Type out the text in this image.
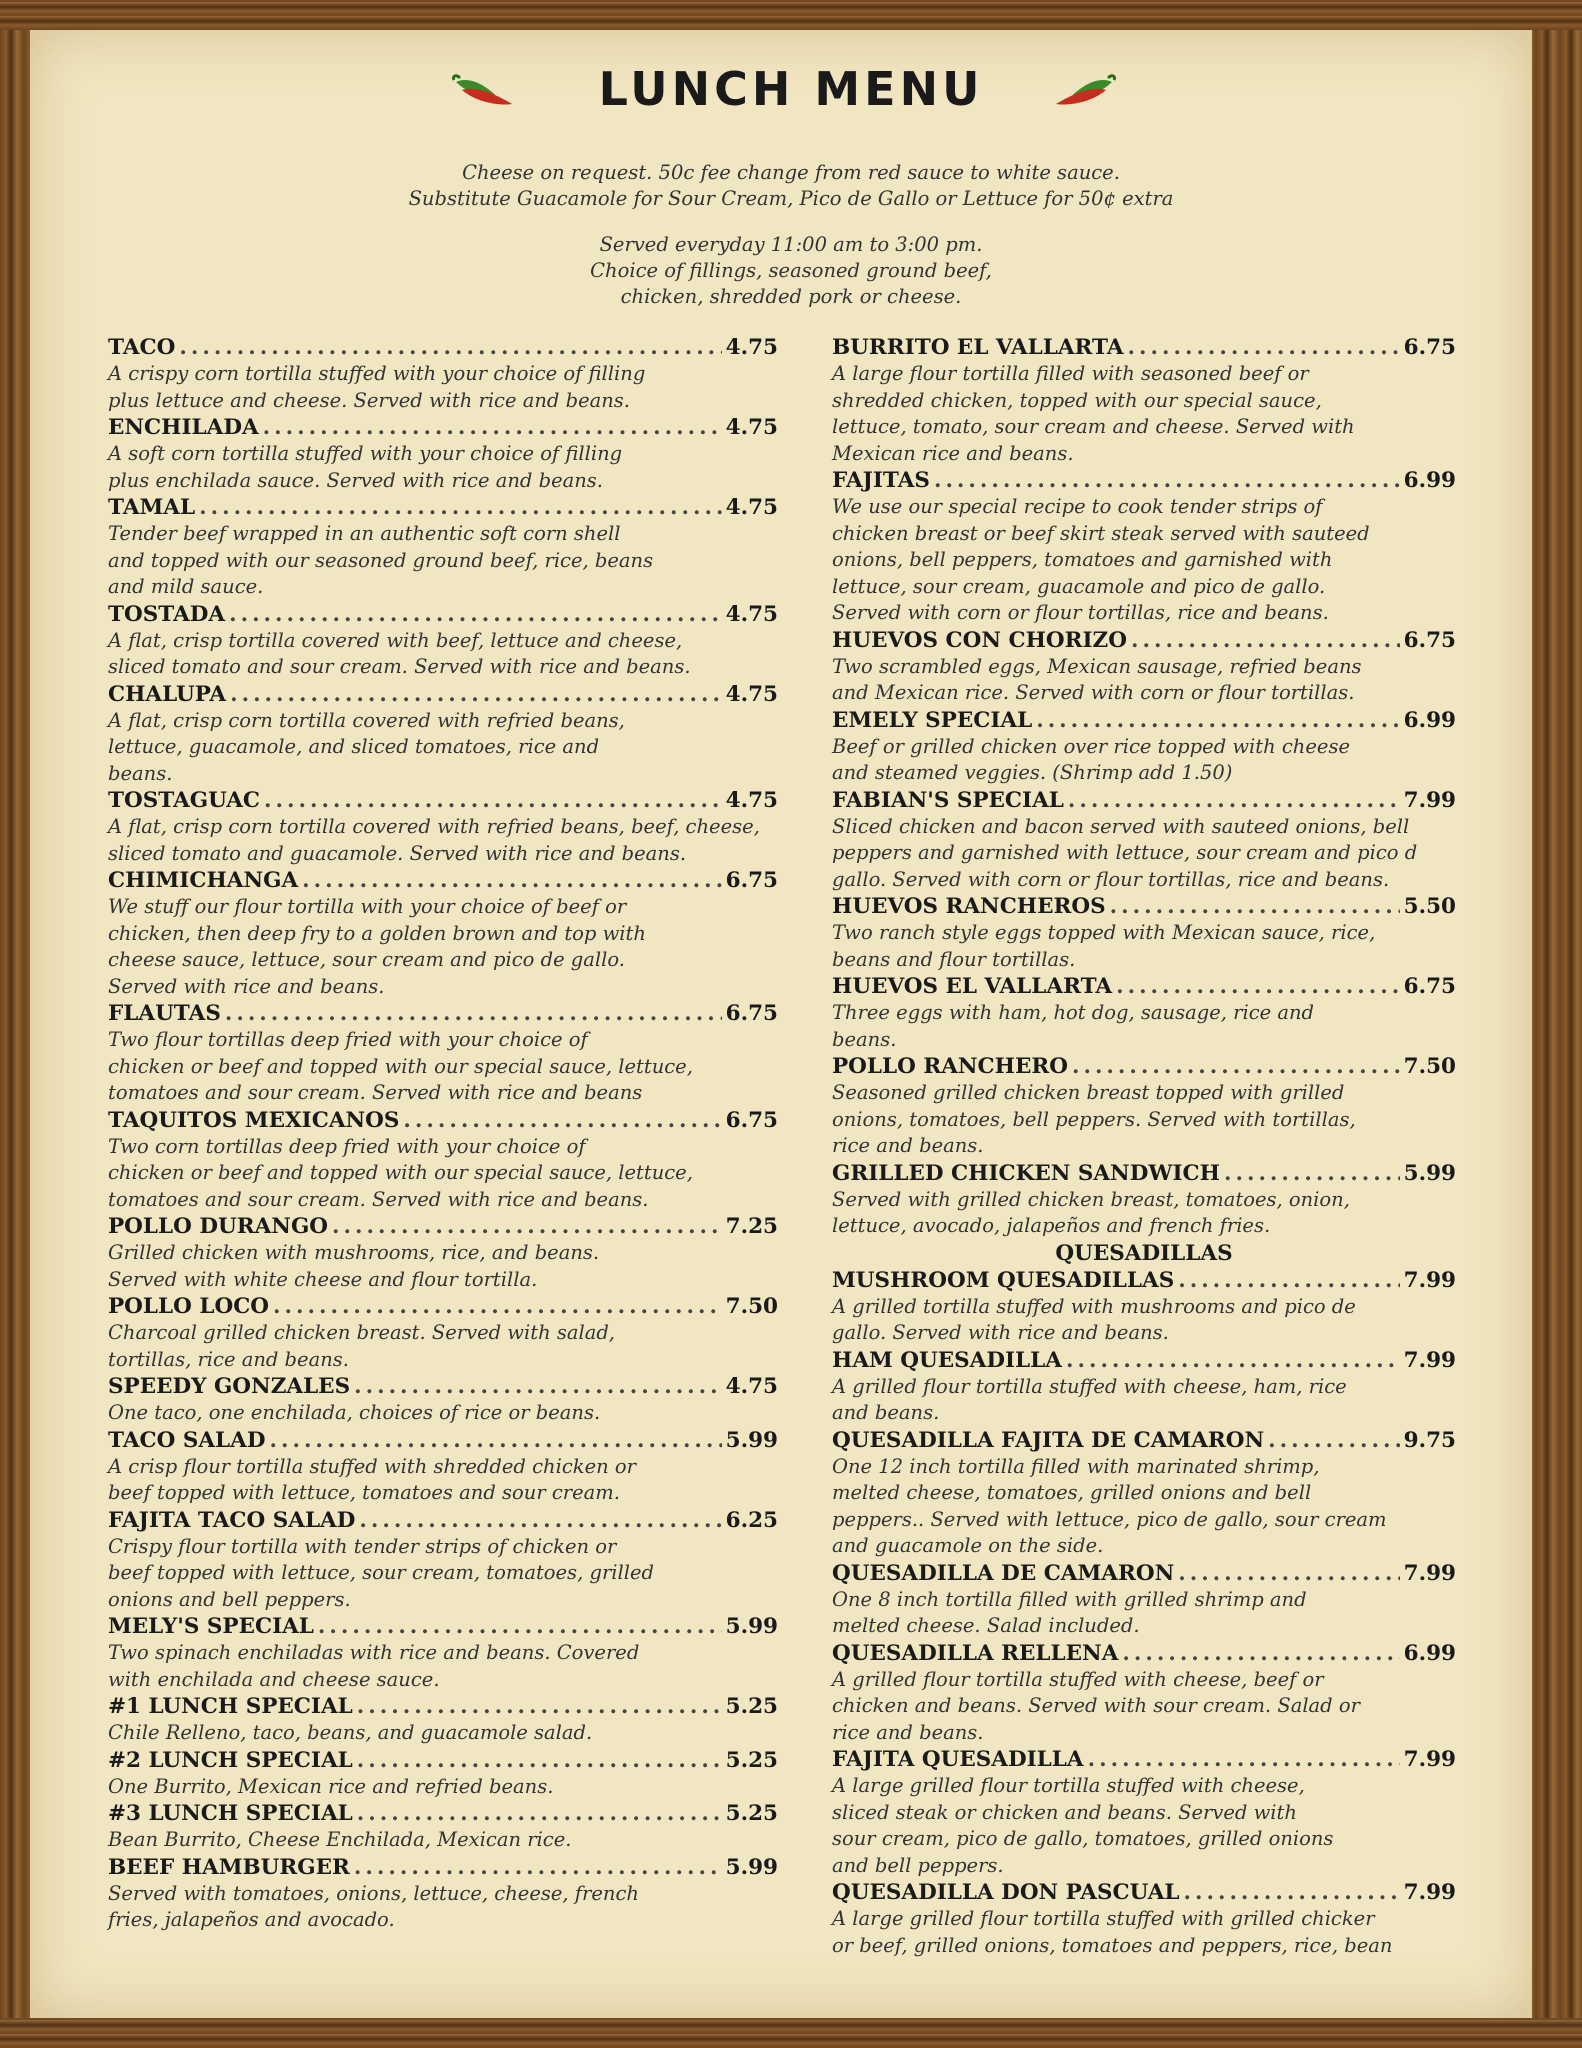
LUNCH MENU
Cheese on request. 50c fee change from red sauce to white sauce.
Substitute Guacamole for Sour Cream, Pico de Gallo or Lettuce for 50¢ extra
Served everyday 11:00 am to 3:00 pm.
Choice of fillings, seasoned ground beef,
chicken, shredded pork or cheese.
TACO .....	4.75
A crispy corn tortilla stuffed with your choice of filling
plus lettuce and cheese. Served with rice and beans.
ENCHILADA .....	4.75
A soft corn tortilla stuffed with your choice of filling
plus enchilada sauce. Served with rice and beans.
TAMAL .....	4.75
Tender beef wrapped in an authentic soft corn shell
and topped with our seasoned ground beef, rice, beans
and mild sauce.
TOSTADA .....	4.75
A flat, crisp tortilla covered with beef, lettuce and cheese,
sliced tomato and sour cream. Served with rice and beans.
CHALUPA .....	4.75
A flat, crisp corn tortilla covered with refried beans,
lettuce, guacamole, and sliced tomatoes, rice and
beans.
TOSTAGUAC .....	4.75
A flat, crisp corn tortilla covered with refried beans, beef, cheese,
sliced tomato and guacamole. Served with rice and beans.
CHIMICHANGA .....	6.75
We stuff our flour tortilla with your choice of beef or
chicken, then deep fry to a golden brown and top with
cheese sauce, lettuce, sour cream and pico de gallo.
Served with rice and beans.
FLAUTAS .....	6.75
Two flour tortillas deep fried with your choice of
chicken or beef and topped with our special sauce, lettuce,
tomatoes and sour cream. Served with rice and beans
TAQUITOS MEXICANOS .....	6.75
Two corn tortillas deep fried with your choice of
chicken or beef and topped with our special sauce, lettuce,
tomatoes and sour cream. Served with rice and beans.
POLLO DURANGO .....	7.25
Grilled chicken with mushrooms, rice, and beans.
Served with white cheese and flour tortilla.
POLLO LOCO .....	7.50
Charcoal grilled chicken breast. Served with salad,
tortillas, rice and beans.
SPEEDY GONZALES .....	4.75
One taco, one enchilada, choices of rice or beans.
TACO SALAD .....	5.99
A crisp flour tortilla stuffed with shredded chicken or
beef topped with lettuce, tomatoes and sour cream.
FAJITA TACO SALAD .....	6.25
Crispy flour tortilla with tender strips of chicken or
beef topped with lettuce, sour cream, tomatoes, grilled
onions and bell peppers.
MELY'S SPECIAL .....	5.99
Two spinach enchiladas with rice and beans. Covered
with enchilada and cheese sauce.
#1 LUNCH SPECIAL .....	5.25
Chile Relleno, taco, beans, and guacamole salad.
#2 LUNCH SPECIAL .....	5.25
One Burrito, Mexican rice and refried beans.
#3 LUNCH SPECIAL .....	5.25
Bean Burrito, Cheese Enchilada, Mexican rice.
BEEF HAMBURGER .....	5.99
Served with tomatoes, onions, lettuce, cheese, french
fries, jalapeños and avocado.
BURRITO EL VALLARTA .....	6.75
A large flour tortilla filled with seasoned beef or
shredded chicken, topped with our special sauce,
lettuce, tomato, sour cream and cheese. Served with
Mexican rice and beans.
FAJITAS .....	6.99
We use our special recipe to cook tender strips of
chicken breast or beef skirt steak served with sauteed
onions, bell peppers, tomatoes and garnished with
lettuce, sour cream, guacamole and pico de gallo.
Served with corn or flour tortillas, rice and beans.
HUEVOS CON CHORIZO .....	6.75
Two scrambled eggs, Mexican sausage, refried beans
and Mexican rice. Served with corn or flour tortillas.
EMELY SPECIAL .....	6.99
Beef or grilled chicken over rice topped with cheese
and steamed veggies. (Shrimp add 1.50)
FABIAN'S SPECIAL .....	7.99
Sliced chicken and bacon served with sauteed onions, bell
peppers and garnished with lettuce, sour cream and pico d
gallo. Served with corn or flour tortillas, rice and beans.
HUEVOS RANCHEROS .....	5.50
Two ranch style eggs topped with Mexican sauce, rice,
beans and flour tortillas.
HUEVOS EL VALLARTA .....	6.75
Three eggs with ham, hot dog, sausage, rice and
beans.
POLLO RANCHERO .....	7.50
Seasoned grilled chicken breast topped with grilled
onions, tomatoes, bell peppers. Served with tortillas,
rice and beans.
GRILLED CHICKEN SANDWICH .....	5.99
Served with grilled chicken breast, tomatoes, onion,
lettuce, avocado, jalapeños and french fries.
QUESADILLAS
MUSHROOM QUESADILLAS .....	7.99
A grilled tortilla stuffed with mushrooms and pico de
gallo. Served with rice and beans.
HAM QUESADILLA .....	7.99
A grilled flour tortilla stuffed with cheese, ham, rice
and beans.
QUESADILLA FAJITA DE CAMARON .....	9.75
One 12 inch tortilla filled with marinated shrimp,
melted cheese, tomatoes, grilled onions and bell
peppers.. Served with lettuce, pico de gallo, sour cream
and guacamole on the side.
QUESADILLA DE CAMARON .....	7.99
One 8 inch tortilla filled with grilled shrimp and
melted cheese. Salad included.
QUESADILLA RELLENA .....	6.99
A grilled flour tortilla stuffed with cheese, beef or
chicken and beans. Served with sour cream. Salad or
rice and beans.
FAJITA QUESADILLA .....	7.99
A large grilled flour tortilla stuffed with cheese,
sliced steak or chicken and beans. Served with
sour cream, pico de gallo, tomatoes, grilled onions
and bell peppers.
QUESADILLA DON PASCUAL .....	7.99
A large grilled flour tortilla stuffed with grilled chicker
or beef, grilled onions, tomatoes and peppers, rice, bean
